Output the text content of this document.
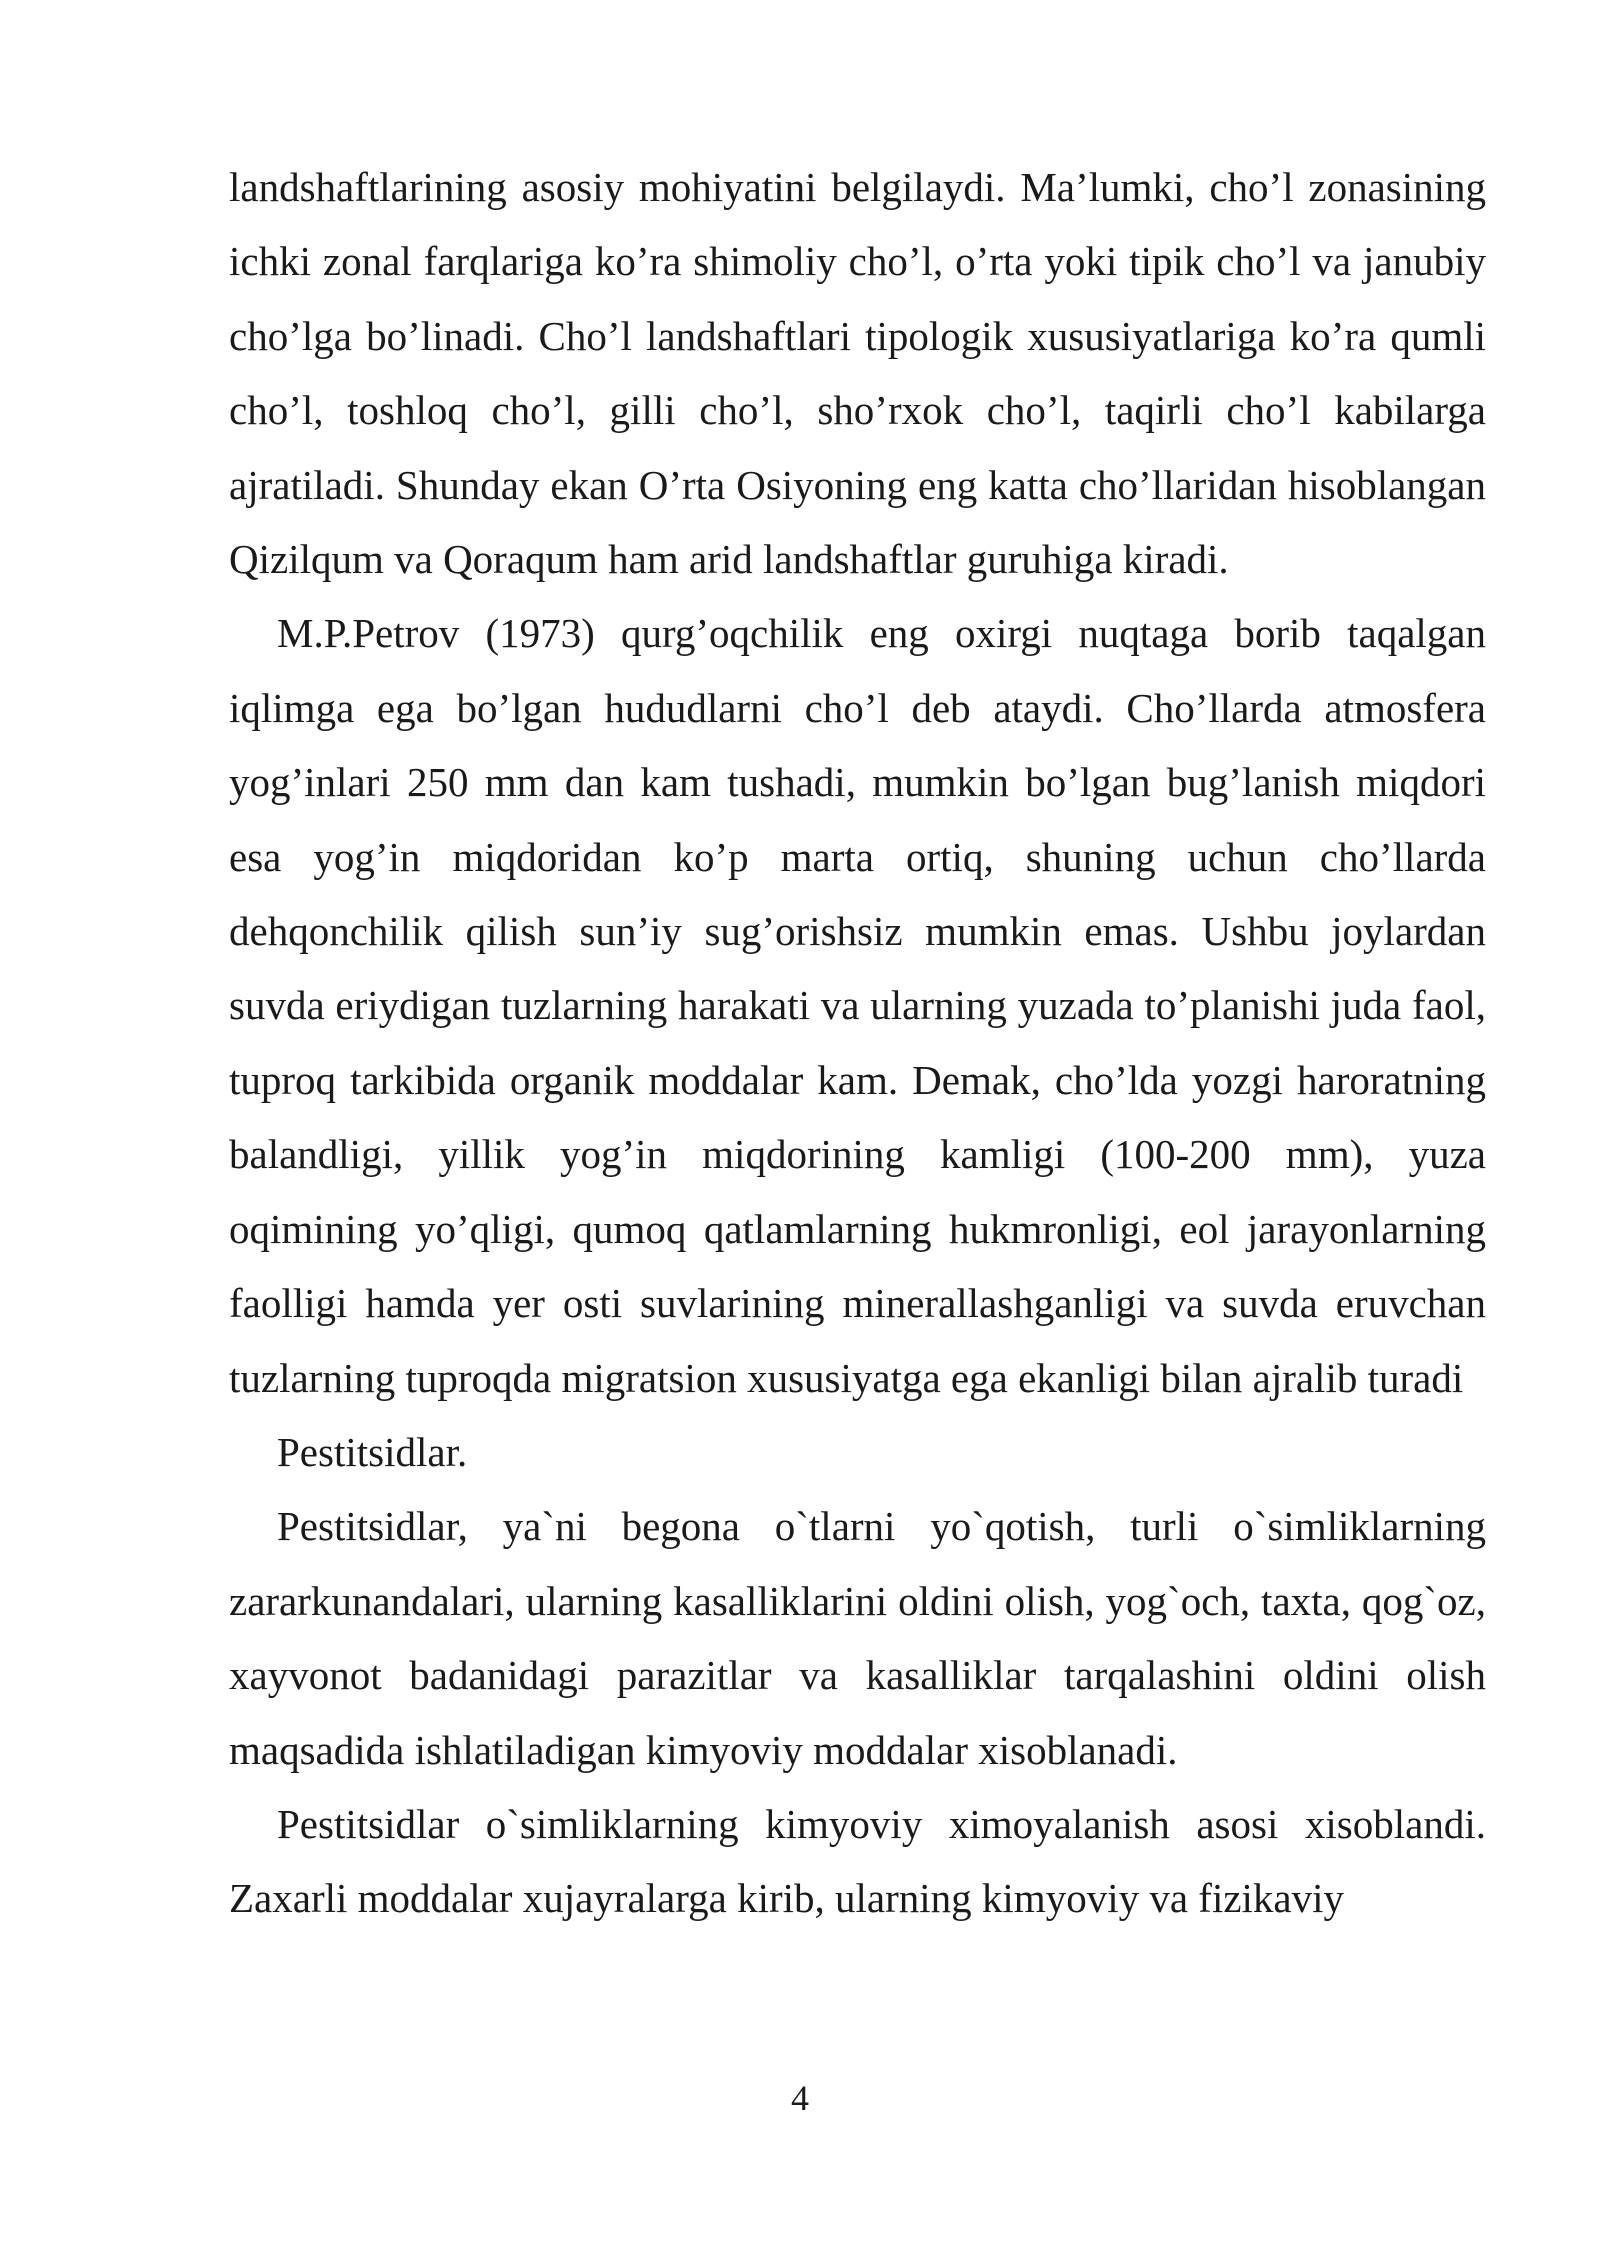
landshaftlarining asosiy mohiyatini belgilaydi. Ma’lumki, cho’l zonasining ichki zonal farqlariga ko’ra shimoliy cho’l, o’rta yoki tipik cho’l va janubiy cho’lga bo’linadi. Cho’l landshaftlari tipologik xususiyatlariga ko’ra qumli cho’l, toshloq cho’l, gilli cho’l, sho’rxok cho’l, taqirli cho’l kabilarga ajratiladi. Shunday ekan O’rta Osiyoning eng katta cho’llaridan hisoblangan Qizilqum va Qoraqum ham arid landshaftlar guruhiga kiradi.

M.P.Petrov (1973) qurg’oqchilik eng oxirgi nuqtaga borib taqalgan iqlimga ega bo’lgan hududlarni cho’l deb ataydi. Cho’llarda atmosfera yog’inlari 250 mm dan kam tushadi, mumkin bo’lgan bug’lanish miqdori esa yog’in miqdoridan ko’p marta ortiq, shuning uchun cho’llarda dehqonchilik qilish sun’iy sug’orishsiz mumkin emas. Ushbu joylardan suvda eriydigan tuzlarning harakati va ularning yuzada to’planishi juda faol, tuproq tarkibida organik moddalar kam. Demak, cho’lda yozgi haroratning balandligi, yillik yog’in miqdorining kamligi (100-200 mm), yuza oqimining yo’qligi, qumoq qatlamlarning hukmronligi, eol jarayonlarning faolligi hamda yer osti suvlarining minerallashganligi va suvda eruvchan tuzlarning tuproqda migratsion xususiyatga ega ekanligi bilan ajralib turadi

Pestitsidlar.

Pestitsidlar, ya`ni begona o`tlarni yo`qotish, turli o`simliklarning zararkunandalari, ularning kasalliklarini oldini olish, yog`och, taxta, qog`oz, xayvonot badanidagi parazitlar va kasalliklar tarqalashini oldini olish maqsadida ishlatiladigan kimyoviy moddalar xisoblanadi.

Pestitsidlar o`simliklarning kimyoviy ximoyalanish asosi xisoblandi. Zaxarli moddalar xujayralarga kirib, ularning kimyoviy va fizikaviy

4
